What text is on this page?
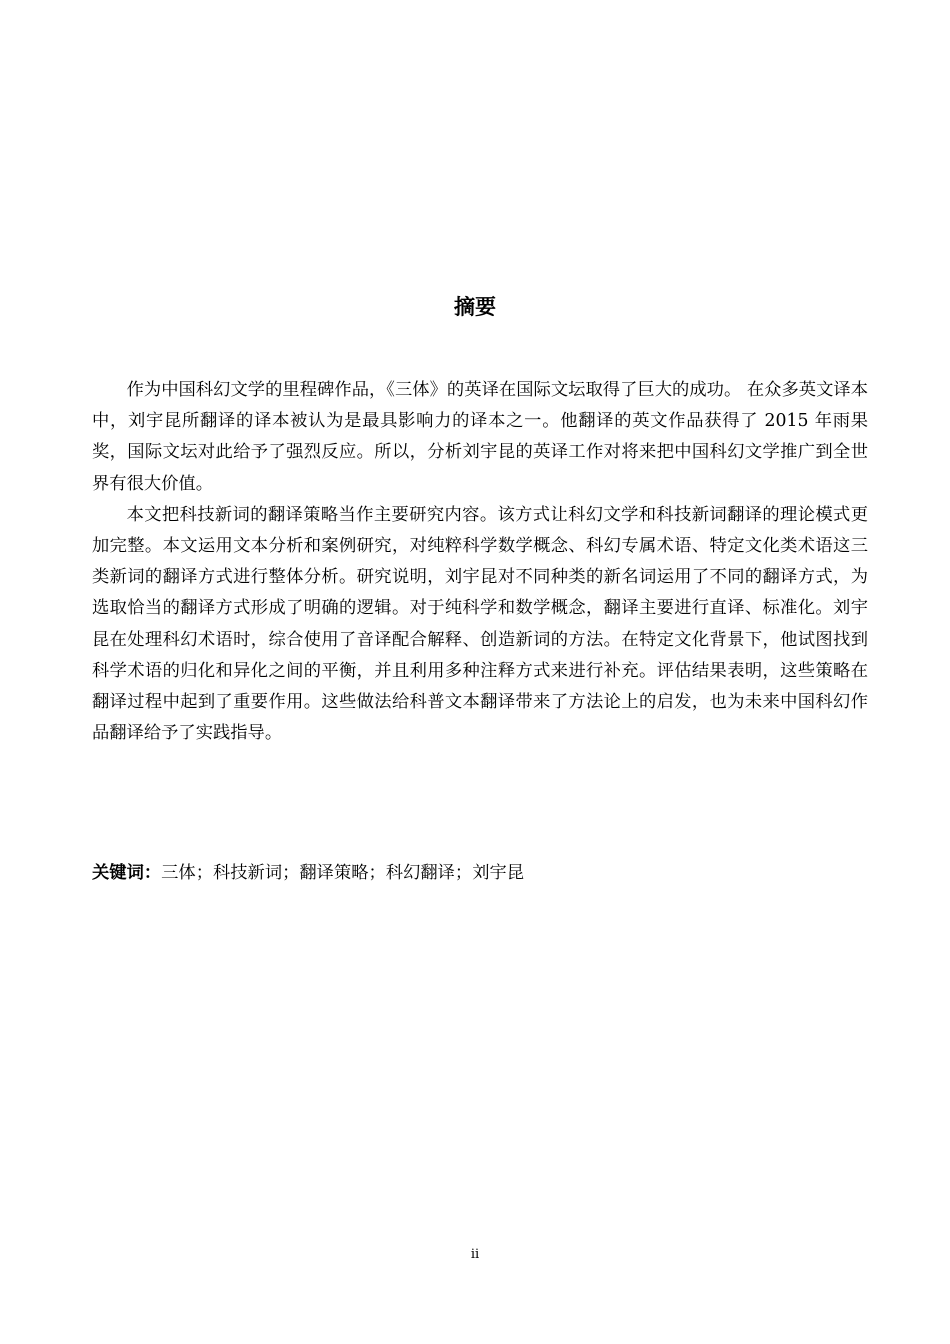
摘要

作为中国科幻文学的里程碑作品，《三体》的英译在国际文坛取得了巨大的成功。 在众多英文译本中，刘宇昆所翻译的译本被认为是最具影响力的译本之一。他翻译的英文作品获得了 2015 年雨果奖，国际文坛对此给予了强烈反应。所以，分析刘宇昆的英译工作对将来把中国科幻文学推广到全世界有很大价值。

本文把科技新词的翻译策略当作主要研究内容。该方式让科幻文学和科技新词翻译的理论模式更加完整。本文运用文本分析和案例研究，对纯粹科学数学概念、科幻专属术语、特定文化类术语这三类新词的翻译方式进行整体分析。研究说明，刘宇昆对不同种类的新名词运用了不同的翻译方式，为选取恰当的翻译方式形成了明确的逻辑。对于纯科学和数学概念，翻译主要进行直译、标准化。刘宇昆在处理科幻术语时，综合使用了音译配合解释、创造新词的方法。在特定文化背景下，他试图找到科学术语的归化和异化之间的平衡，并且利用多种注释方式来进行补充。评估结果表明，这些策略在翻译过程中起到了重要作用。这些做法给科普文本翻译带来了方法论上的启发，也为未来中国科幻作品翻译给予了实践指导。

关键词：三体；科技新词；翻译策略；科幻翻译；刘宇昆
ii
